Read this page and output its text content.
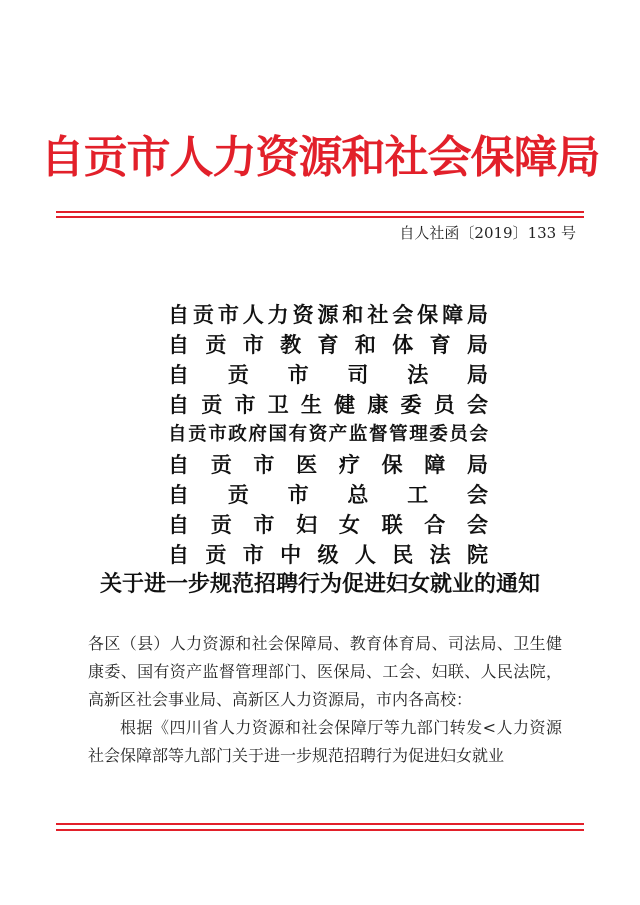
自贡市人力资源和社会保障局
自人社函〔2019〕133 号
自贡市人力资源和社会保障局
自贡市教育和体育局
自贡市司法局
自贡市卫生健康委员会
自贡市政府国有资产监督管理委员会
自贡市医疗保障局
自贡市总工会
自贡市妇女联合会
自贡市中级人民法院
关于进一步规范招聘行为促进妇女就业的通知

各区（县）人力资源和社会保障局、教育体育局、司法局、卫生健康委、国有资产监督管理部门、医保局、工会、妇联、人民法院，高新区社会事业局、高新区人力资源局，市内各高校：

根据《四川省人力资源和社会保障厅等九部门转发<人力资源社会保障部等九部门关于进一步规范招聘行为促进妇女就业
